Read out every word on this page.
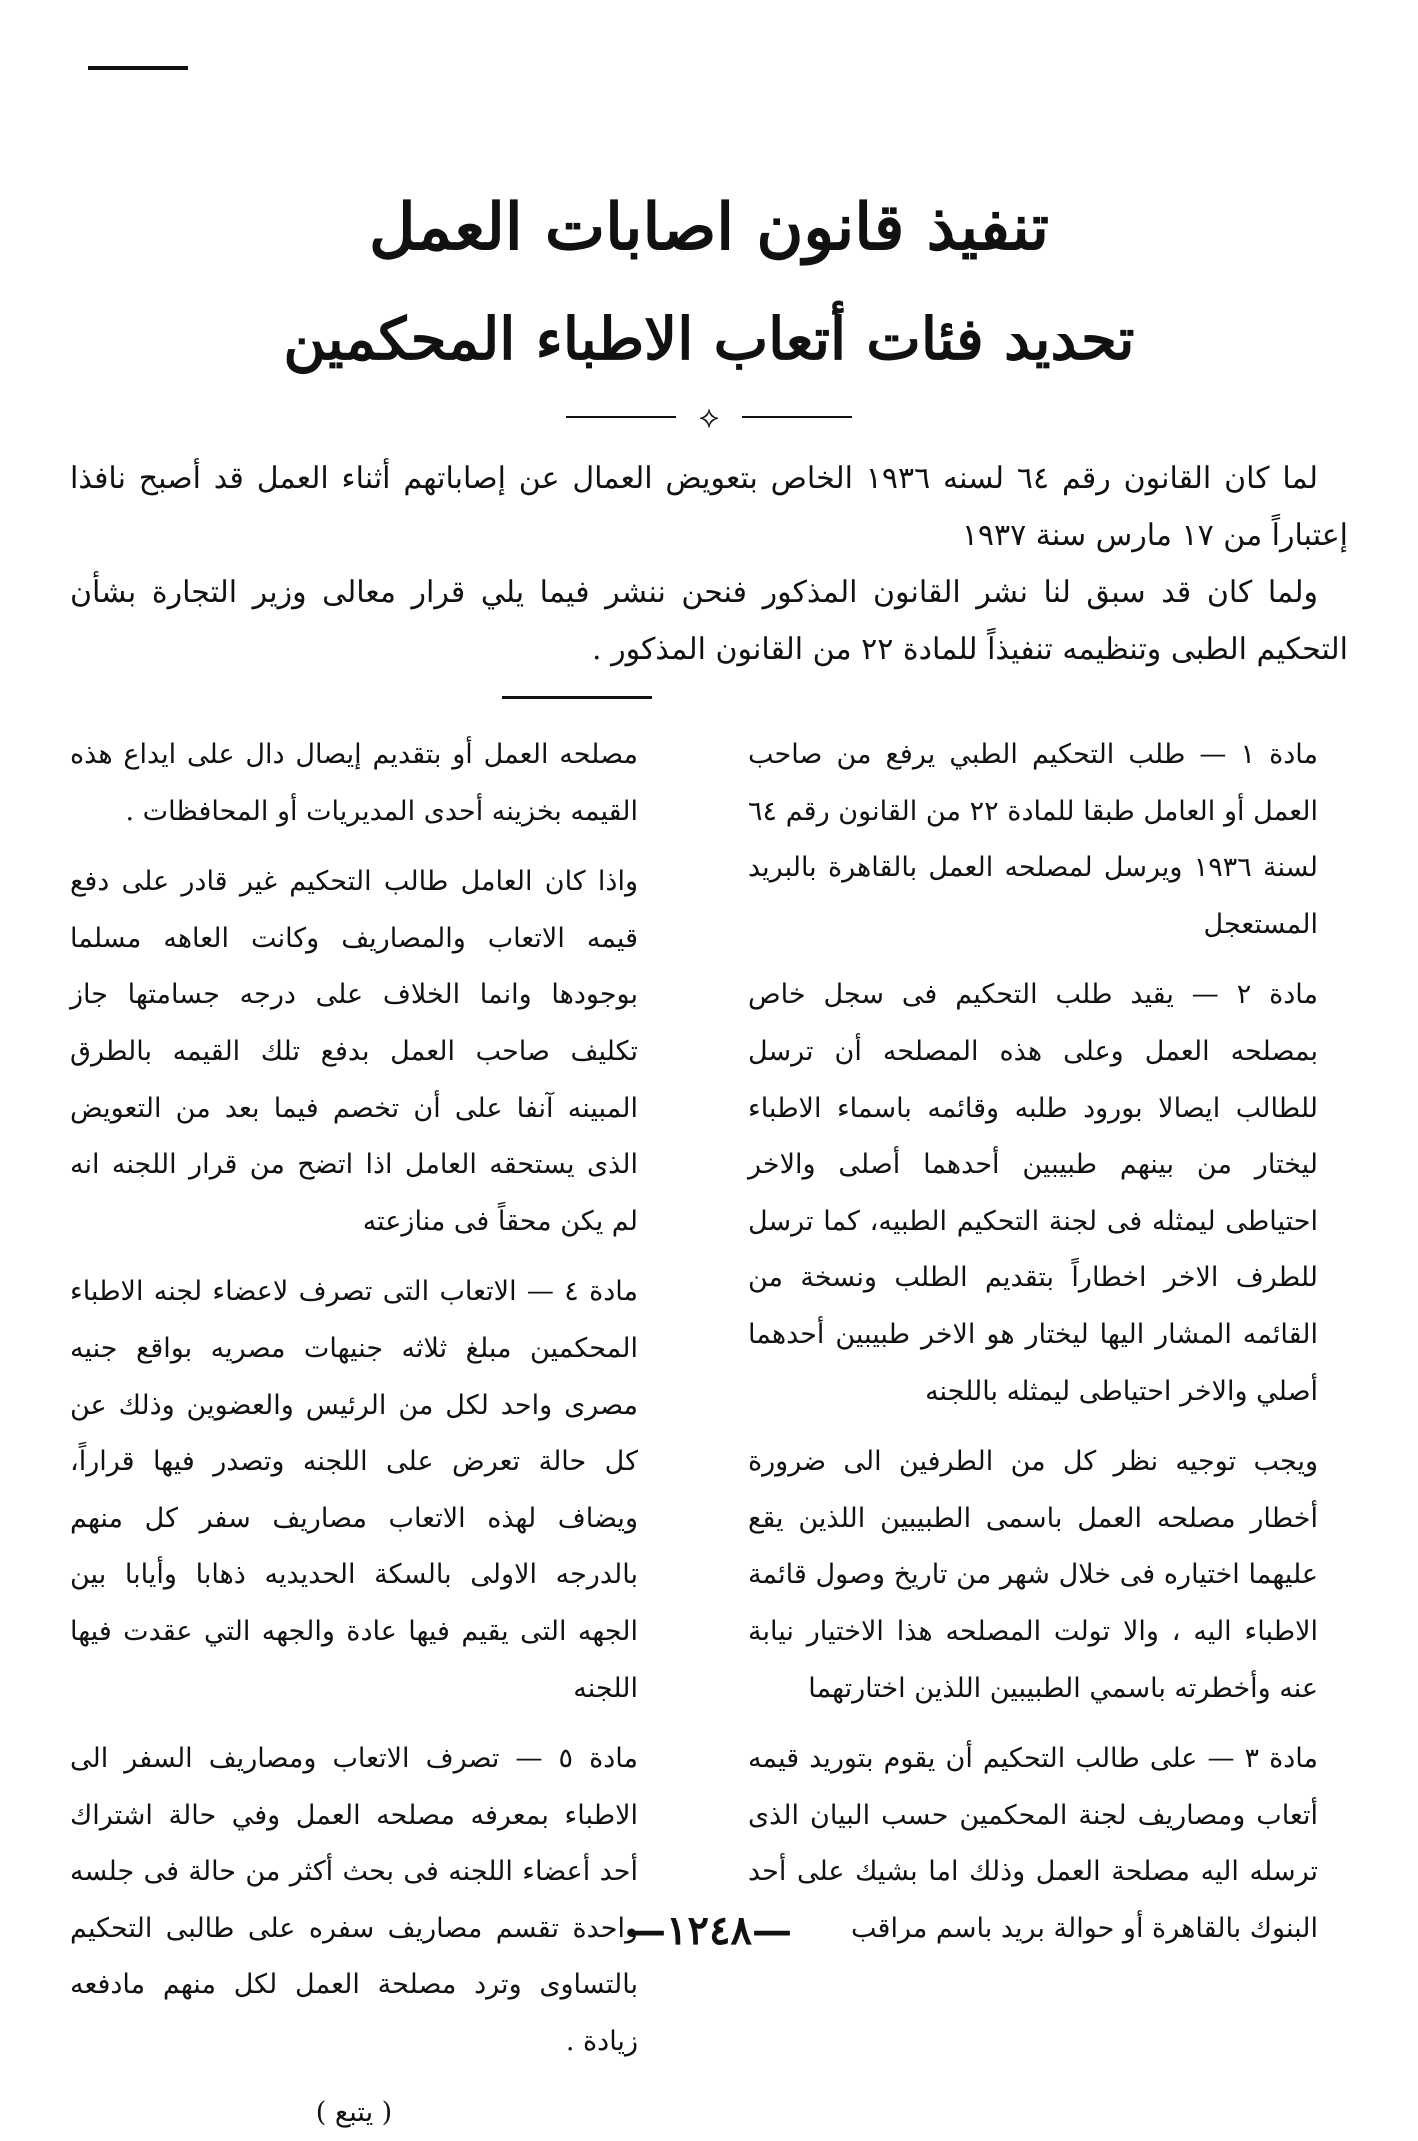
تنفيذ قانون اصابات العمل
تحديد فئات أتعاب الاطباء المحكمين
⟡

لما كان القانون رقم ٦٤ لسنه ١٩٣٦ الخاص بتعويض العمال عن إصاباتهم أثناء العمل قد أصبح نافذا إعتباراً من ١٧ مارس سنة ١٩٣٧

ولما كان قد سبق لنا نشر القانون المذكور فنحن ننشر فيما يلي قرار معالى وزير التجارة بشأن التحكيم الطبى وتنظيمه تنفيذاً للمادة ٢٢ من القانون المذكور .

مادة ١ — طلب التحكيم الطبي يرفع من صاحب العمل أو العامل طبقا للمادة ٢٢ من القانون رقم ٦٤ لسنة ١٩٣٦ ويرسل لمصلحه العمل بالقاهرة بالبريد المستعجل

مادة ٢ — يقيد طلب التحكيم فى سجل خاص بمصلحه العمل وعلى هذه المصلحه أن ترسل للطالب ايصالا بورود طلبه وقائمه باسماء الاطباء ليختار من بينهم طبيبين أحدهما أصلى والاخر احتياطى ليمثله فى لجنة التحكيم الطبيه، كما ترسل للطرف الاخر اخطاراً بتقديم الطلب ونسخة من القائمه المشار اليها ليختار هو الاخر طبيبين أحدهما أصلي والاخر احتياطى ليمثله باللجنه

ويجب توجيه نظر كل من الطرفين الى ضرورة أخطار مصلحه العمل باسمى الطبيبين اللذين يقع عليهما اختياره فى خلال شهر من تاريخ وصول قائمة الاطباء اليه ، والا تولت المصلحه هذا الاختيار نيابة عنه وأخطرته باسمي الطبيبين اللذين اختارتهما

مادة ٣ — على طالب التحكيم أن يقوم بتوريد قيمه أتعاب ومصاريف لجنة المحكمين حسب البيان الذى ترسله اليه مصلحة العمل وذلك اما بشيك على أحد البنوك بالقاهرة أو حوالة بريد باسم مراقب

مصلحه العمل أو بتقديم إيصال دال على ايداع هذه القيمه بخزينه أحدى المديريات أو المحافظات .

واذا كان العامل طالب التحكيم غير قادر على دفع قيمه الاتعاب والمصاريف وكانت العاهه مسلما بوجودها وانما الخلاف على درجه جسامتها جاز تكليف صاحب العمل بدفع تلك القيمه بالطرق المبينه آنفا على أن تخصم فيما بعد من التعويض الذى يستحقه العامل اذا اتضح من قرار اللجنه انه لم يكن محقاً فى منازعته

مادة ٤ — الاتعاب التى تصرف لاعضاء لجنه الاطباء المحكمين مبلغ ثلاثه جنيهات مصريه بواقع جنيه مصرى واحد لكل من الرئيس والعضوين وذلك عن كل حالة تعرض على اللجنه وتصدر فيها قراراً، ويضاف لهذه الاتعاب مصاريف سفر كل منهم بالدرجه الاولى بالسكة الحديديه ذهابا وأيابا بين الجهه التى يقيم فيها عادة والجهه التي عقدت فيها اللجنه

مادة ٥ — تصرف الاتعاب ومصاريف السفر الى الاطباء بمعرفه مصلحه العمل وفي حالة اشتراك أحد أعضاء اللجنه فى بحث أكثر من حالة فى جلسه واحدة تقسم مصاريف سفره على طالبى التحكيم بالتساوى وترد مصلحة العمل لكل منهم مادفعه زيادة .

( يتبع )
—١٢٤٨—
